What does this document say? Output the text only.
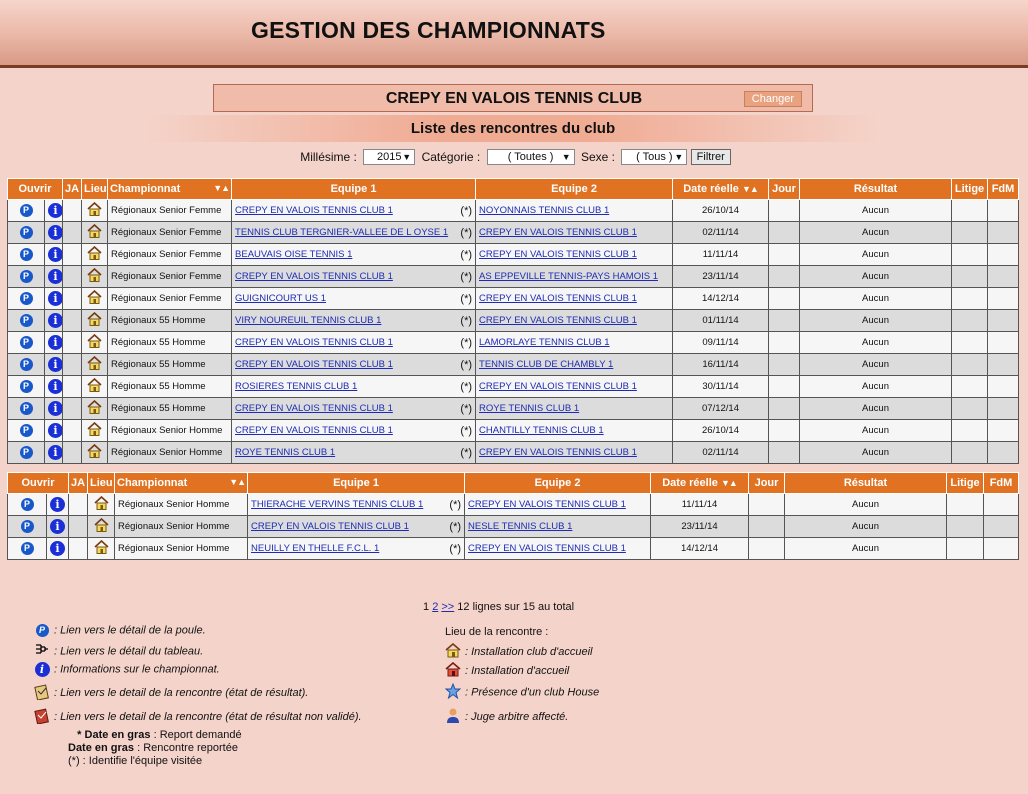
GESTION DES CHAMPIONNATS
CREPY EN VALOIS TENNIS CLUB	Changer
Liste des rencontres du club
Millésime : 2015 ▼ Catégorie :	( Toutes ) ▼ Sexe : ( Tous ) ▼ Filtrer
Ouvrir		JA	Lieu	Championnat ▼▲	Equipe 1	Equipe 2	Date réelle ▼▲	Jour	Résultat	Litige	FdM
P	i			Régionaux Senior Femme	CREPY EN VALOIS TENNIS CLUB 1 (*)	NOYONNAIS TENNIS CLUB 1	26/10/14		Aucun		
P	i			Régionaux Senior Femme	TENNIS CLUB TERGNIER-VALLEE DE L OYSE 1 (*)	CREPY EN VALOIS TENNIS CLUB 1	02/11/14		Aucun		
P	i			Régionaux Senior Femme	BEAUVAIS OISE TENNIS 1 (*)	CREPY EN VALOIS TENNIS CLUB 1	11/11/14		Aucun		
P	i			Régionaux Senior Femme	CREPY EN VALOIS TENNIS CLUB 1 (*)	AS EPPEVILLE TENNIS-PAYS HAMOIS 1	23/11/14		Aucun		
P	i			Régionaux Senior Femme	GUIGNICOURT US 1 (*)	CREPY EN VALOIS TENNIS CLUB 1	14/12/14		Aucun		
P	i			Régionaux 55 Homme	VIRY NOUREUIL TENNIS CLUB 1 (*)	CREPY EN VALOIS TENNIS CLUB 1	01/11/14		Aucun		
P	i			Régionaux 55 Homme	CREPY EN VALOIS TENNIS CLUB 1 (*)	LAMORLAYE TENNIS CLUB 1	09/11/14		Aucun		
P	i			Régionaux 55 Homme	CREPY EN VALOIS TENNIS CLUB 1 (*)	TENNIS CLUB DE CHAMBLY 1	16/11/14		Aucun		
P	i			Régionaux 55 Homme	ROSIERES TENNIS CLUB 1 (*)	CREPY EN VALOIS TENNIS CLUB 1	30/11/14		Aucun		
P	i			Régionaux 55 Homme	CREPY EN VALOIS TENNIS CLUB 1 (*)	ROYE TENNIS CLUB 1	07/12/14		Aucun		
P	i			Régionaux Senior Homme	CREPY EN VALOIS TENNIS CLUB 1 (*)	CHANTILLY TENNIS CLUB 1	26/10/14		Aucun		
P	i			Régionaux Senior Homme	ROYE TENNIS CLUB 1 (*)	CREPY EN VALOIS TENNIS CLUB 1	02/11/14		Aucun		
Ouvrir		JA	Lieu	Championnat ▼▲	Equipe 1	Equipe 2	Date réelle ▼▲	Jour	Résultat	Litige	FdM
P	i			Régionaux Senior Homme	THIERACHE VERVINS TENNIS CLUB 1 (*)	CREPY EN VALOIS TENNIS CLUB 1	11/11/14		Aucun		
P	i			Régionaux Senior Homme	CREPY EN VALOIS TENNIS CLUB 1 (*)	NESLE TENNIS CLUB 1	23/11/14		Aucun		
P	i			Régionaux Senior Homme	NEUILLY EN THELLE F.C.L. 1 (*)	CREPY EN VALOIS TENNIS CLUB 1	14/12/14		Aucun		
1 2 >> 12 lignes sur 15 au total
P : Lien vers le détail de la poule.
: Lien vers le détail du tableau.
i : Informations sur le championnat.
: Lien vers le detail de la rencontre (état de résultat).
: Lien vers le detail de la rencontre (état de résultat non validé).
Lieu de la rencontre :
: Installation club d'accueil
: Installation d'accueil
: Présence d'un club House
: Juge arbitre affecté.
* Date en gras : Report demandé
Date en gras : Rencontre reportée
(*) : Identifie l'équipe visitée
